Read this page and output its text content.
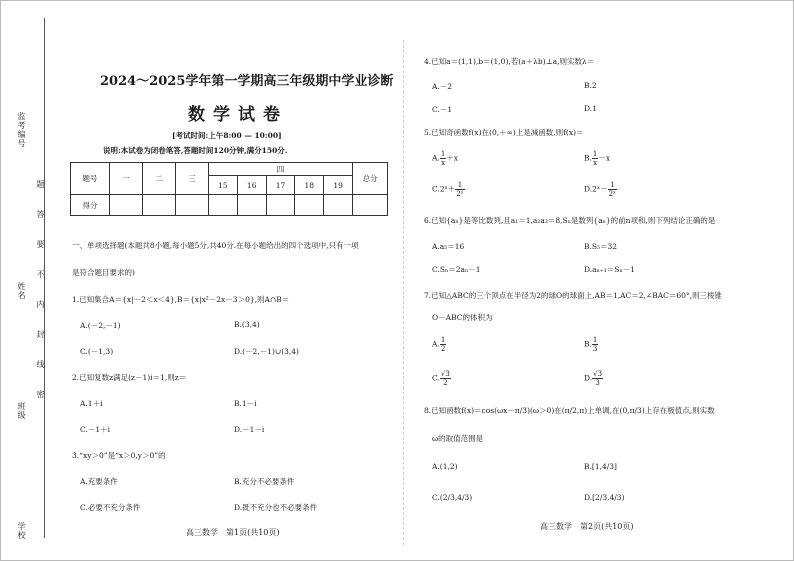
监考编号
姓名
班级
学校
题
答
要
不
内
封
线
密
2024～2025学年第一学期高三年级期中学业诊断
数学试卷
[考试时间:上午8:00 — 10:00]
说明:本试卷为闭卷笔答,答题时间120分钟,满分150分.
题号	一	二	三	四					总分
				15	16	17	18	19	
得分									
一、单项选择题(本题共8小题,每小题5分,共40分.在每小题给出的四个选项中,只有一项
是符合题目要求的)
1.已知集合A＝{x|－2＜x＜4},B＝{x|x²－2x－3＞0},则A∩B＝
A.(－2,－1)	B.(3,4)
C.(－1,3)	D.(－2,－1)∪(3,4)
2.已知复数z满足(z－1)i＝1,则z＝
A.1＋i	B.1－i
C.－1＋i	D.－1－i
3.“xy＞0”是“x＞0,y＞0”的
A.充要条件	B.充分不必要条件
C.必要不充分条件	D.既不充分也不必要条件
高三数学　第1页(共10页)
4.已知a＝(1,1),b＝(1,0),若(a＋λb)⊥a,则实数λ＝
A.－2	B.2
C.－1	D.1
5.已知奇函数f(x)在(0,＋∞)上是减函数,则f(x)＝
A. $\frac{1}{x} +x$	B. $\frac{1}{x} -x$
C.2ˣ＋ $\frac{1}{\text{2ˣ}}$	D.2ˣ－ $\frac{1}{\text{2ˣ}}$
6.已知{aₙ}是等比数列,且a₁＝1,a₂a₃＝8,Sₙ是数列{aₙ}的前n项和,则下列结论正确的是
A.a₅＝16	B.S₅＝32
C.Sₙ＝2aₙ－1	D.aₙ₊₁＝Sₙ－1
7.已知△ABC的三个顶点在半径为2的球O的球面上,AB＝1,AC＝2,∠BAC＝60°,则三棱锥
O－ABC的体积为
A. $\frac{1}{2}$	B. $\frac{1}{3}$
C. $\frac{√3}{2}$	D. $\frac{√3}{3}$
8.已知函数f(x)＝cos(ωx－π/3)(ω＞0)在(π/2,π)上单调,在(0,π/3)上存在极值点,则实数
ω的取值范围是
A.(1,2)	B.[1,4/3]
C.(2/3,4/3)	D.[2/3,4/3)
高三数学　第2页(共10页)
